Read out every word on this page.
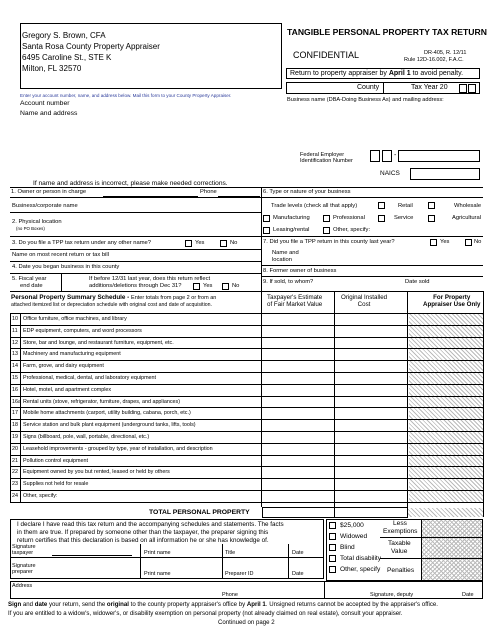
Gregory S. Brown, CFA
Santa Rosa County Property Appraiser
6495 Caroline St., STE K
Milton, FL 32570
TANGIBLE PERSONAL PROPERTY TAX RETURN
CONFIDENTIAL	DR-405, R. 12/11
Rule 12D-16.002, F.A.C.
Return to property appraiser by April 1 to avoid penalty.
County	Tax Year 20
Business name (DBA-Doing Business As) and mailing address:
Enter your account number, name, and address below. Mail this form to your County Property Appraiser.
Account number
Name and address
Federal Employer
Identification Number
-
NAICS
If name and address is incorrect, please make needed corrections.
1. Owner or person in charge	Phone
Business/corporate name
2. Physical location
(no PO Boxes)
3. Do you file a TPP tax return under any other name?	Yes	No
Name on most recent return or tax bill
4. Date you began business in this county
5. Fiscal year
end date
If before 12/31 last year, does this return reflect
additions/deletions through Dec 31?	Yes	No
6. Type or nature of your business
Trade levels (check all that apply)	Retail	Wholesale
Manufacturing	Professional	Service	Agricultural
Leasing/rental	Other, specify:
7. Did you file a TPP return in this county last year?	Yes	No
Name and
location
8. Former owner of business
9. If sold, to whom?	Date sold
Personal Property Summary Schedule - Enter totals from page 2 or from an
attached itemized list or depreciation schedule with original cost and date of acquisition.
Taxpayer's Estimate
of Fair Market Value
Original Installed
Cost
For Property
Appraiser Use Only
10 Office furniture, office machines, and library
11 EDP equipment, computers, and word processors
12 Store, bar and lounge, and restaurant furniture, equipment, etc.
13 Machinery and manufacturing equipment
14 Farm, grove, and dairy equipment
15 Professional, medical, dental, and laboratory equipment
16 Hotel, motel, and apartment complex
16a Rental units (stove, refrigerator, furniture, drapes, and appliances)
17 Mobile home attachments (carport, utility building, cabana, porch, etc.)
18 Service station and bulk plant equipment (underground tanks, lifts, tools)
19 Signs (billboard, pole, wall, portable, directional, etc.)
20 Leasehold improvements - grouped by type, year of installation, and description
21 Pollution control equipment
22 Equipment owned by you but rented, leased or held by others
23 Supplies not held for resale
24 Other, specify:
TOTAL PERSONAL PROPERTY
I declare I have read this tax return and the accompanying schedules and statements. The facts
in them are true. If prepared by someone other than the taxpayer, the preparer signing this
return certifies that this declaration is based on all information he or she has knowledge of.
Signature
taxpayer	Print name	Title	Date
Signature
preparer	Print name	Preparer ID	Date
Address
Phone	Signature, deputy	Date
$25,000
Widowed
Blind
Total disability
Other, specify
Less
Exemptions
Taxable
Value
Penalties
Sign and date your return, send the original to the county property appraiser's office by April 1. Unsigned returns cannot be accepted by the appraiser's office.
If you are entitled to a widow's, widower's, or disability exemption on personal property (not already claimed on real estate), consult your appraiser.
Continued on page 2
